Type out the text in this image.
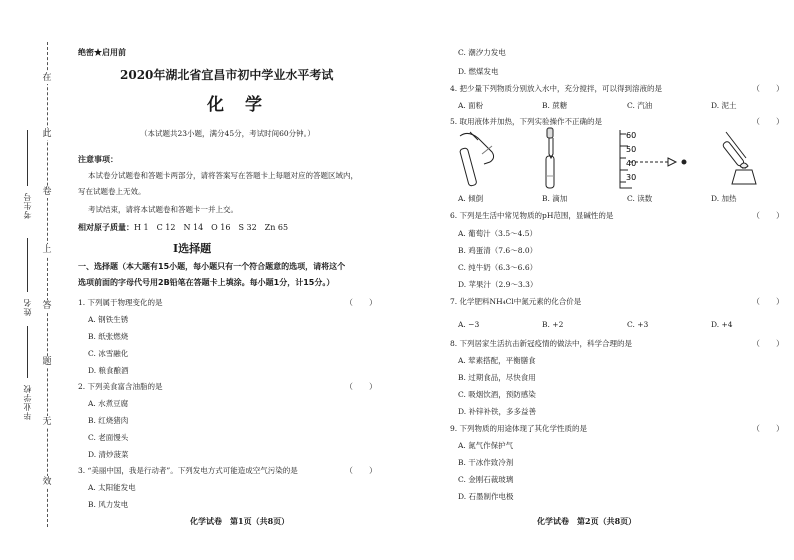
在
此
卷
上
答
题
无
效
考生号
姓名
毕业学校
绝密★启用前
2020年湖北省宜昌市初中学业水平考试
化　学
（本试题共23小题，满分45分，考试时间60分钟。）
注意事项：
本试卷分试题卷和答题卡两部分，请将答案写在答题卡上每题对应的答题区域内，
写在试题卷上无效。
考试结束，请将本试题卷和答题卡一并上交。
相对原子质量：H 1　C 12　N 14　O 16　S 32　Zn 65
Ⅰ选择题
一、选择题（本大题有15小题，每小题只有一个符合题意的选项，请将这个
选项前面的字母代号用2B铅笔在答题卡上填涂。每小题1分，计15分。）
1. 下列属于物理变化的是	（　　）
A. 钢铁生锈
B. 纸张燃烧
C. 冰雪融化
D. 粮食酿酒
2. 下列美食富含油脂的是	（　　）
A. 水煮豆腐
B. 红烧猪肉
C. 老面馒头
D. 清炒菠菜
3. “美丽中国，我是行动者”。下列发电方式可能造成空气污染的是	（　　）
A. 太阳能发电
B. 风力发电
化学试卷　第1页（共8页）
C. 潮汐力发电
D. 燃煤发电
4. 把少量下列物质分别放入水中，充分搅拌，可以得到溶液的是	（　　）
A. 面粉	B. 蔗糖	C. 汽油	D. 泥土
5. 取用液体并加热，下列实验操作不正确的是	（　　）
60
50
40
30
A. 倾倒	B. 滴加	C. 读数	D. 加热
6. 下列是生活中常见物质的pH范围，显碱性的是	（　　）
A. 葡萄汁（3.5～4.5）
B. 鸡蛋清（7.6～8.0）
C. 纯牛奶（6.3～6.6）
D. 苹果汁（2.9～3.3）
7. 化学肥料NH₄Cl中氮元素的化合价是	（　　）
A. −3	B. +2	C. +3	D. +4
8. 下列居家生活抗击新冠疫情的做法中，科学合理的是	（　　）
A. 荤素搭配，平衡膳食
B. 过期食品，尽快食用
C. 吸烟饮酒，预防感染
D. 补锌补铁，多多益善
9. 下列物质的用途体现了其化学性质的是	（　　）
A. 氮气作保护气
B. 干冰作致冷剂
C. 金刚石裁玻璃
D. 石墨制作电极
化学试卷　第2页（共8页）
